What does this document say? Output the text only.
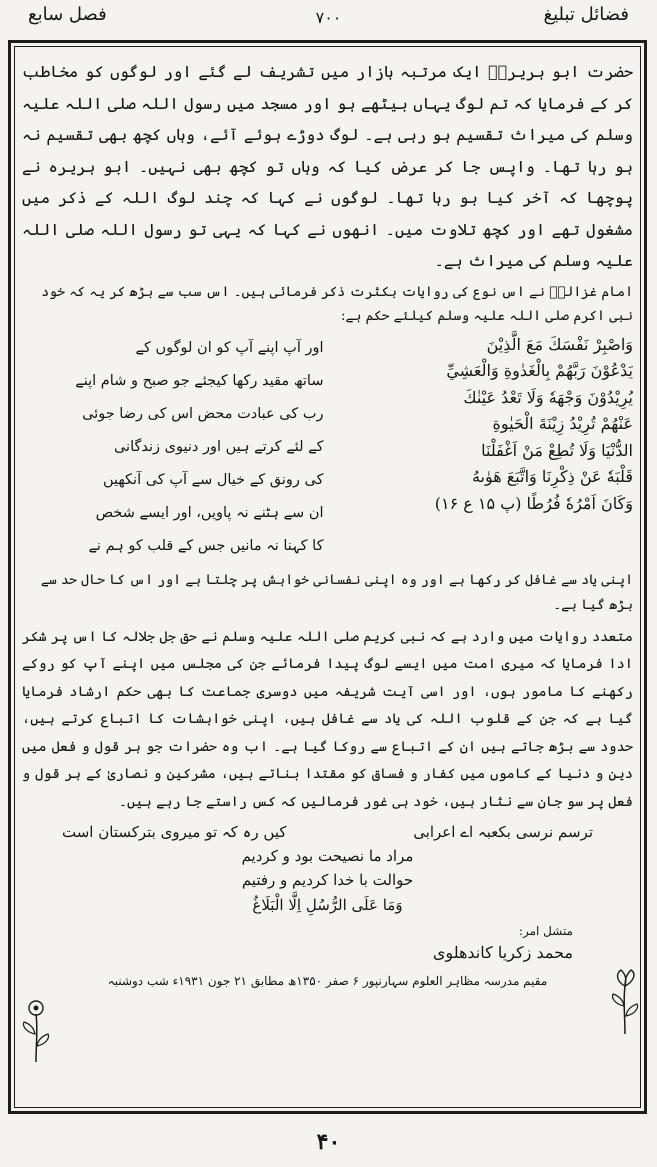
فضائل تبلیغ
۷۰۰
فصل سابع

حضرت ابو ہریرہؓ ایک مرتبہ بازار میں تشریف لے گئے اور لوگوں کو مخاطب کر کے فرمایا کہ تم لوگ یہاں بیٹھے ہو اور مسجد میں رسول اللہ صلی اللہ علیہ وسلم کی میراث تقسیم ہو رہی ہے۔ لوگ دوڑے ہوئے آئے، وہاں کچھ بھی تقسیم نہ ہو رہا تھا۔ واپس جا کر عرض کیا کہ وہاں تو کچھ بھی نہیں۔ ابو ہریرہ نے پوچھا کہ آخر کیا ہو رہا تھا۔ لوگوں نے کہا کہ چند لوگ اللہ کے ذکر میں مشغول تھے اور کچھ تلاوت میں۔ انھوں نے کہا کہ یہی تو رسول اللہ صلی اللہ علیہ وسلم کی میراث ہے۔

امام غزالیؒ نے اس نوع کی روایات بکثرت ذکر فرمائی ہیں۔ اس سب سے بڑھ کر یہ کہ خود نبی اکرم صلی اللہ علیہ وسلم کیلئے حکم ہے:

وَاصْبِرْ نَفْسَكَ مَعَ الَّذِيْنَ
يَدْعُوْنَ رَبَّهُمْ بِالْغَدٰوةِ وَالْعَشِيِّ
يُرِيْدُوْنَ وَجْهَهٗ وَلَا تَعْدُ عَيْنٰكَ
عَنْهُمْ تُرِيْدُ زِيْنَةَ الْحَيٰوةِ
الدُّنْيَا وَلَا تُطِعْ مَنْ اَغْفَلْنَا
قَلْبَهٗ عَنْ ذِكْرِنَا وَاتَّبَعَ هَوٰىهُ
وَكَانَ اَمْرُهٗ فُرُطًا (پ ۱۵ ع ۱۶)
اور آپ اپنے آپ کو ان لوگوں کے
ساتھ مقید رکھا کیجئے جو صبح و شام اپنے
رب کی عبادت محض اس کی رضا جوئی
کے لئے کرتے ہیں اور دنیوی زندگانی
کی رونق کے خیال سے آپ کی آنکھیں
ان سے ہٹنے نہ پاویں، اور ایسے شخص
کا کہنا نہ مانیں جس کے قلب کو ہم نے

اپنی یاد سے غافل کر رکھا ہے اور وہ اپنی نفسانی خواہش پر چلتا ہے اور اس کا حال حد سے بڑھ گیا ہے۔

متعدد روایات میں وارد ہے کہ نبی کریم صلی اللہ علیہ وسلم نے حق جل جلالہ کا اس پر شکر ادا فرمایا کہ میری امت میں ایسے لوگ پیدا فرمائے جن کی مجلس میں اپنے آپ کو روکے رکھنے کا مامور ہوں، اور اسی آیت شریفہ میں دوسری جماعت کا بھی حکم ارشاد فرمایا گیا ہے کہ جن کے قلوب اللہ کی یاد سے غافل ہیں، اپنی خواہشات کا اتباع کرتے ہیں، حدود سے بڑھ جاتے ہیں ان کے اتباع سے روکا گیا ہے۔ اب وہ حضرات جو ہر قول و فعل میں دین و دنیا کے کاموں میں کفار و فساق کو مقتدا بناتے ہیں، مشرکین و نصاریٰ کے ہر قول و فعل پر سو جان سے نثار ہیں، خود ہی غور فرمالیں کہ کس راستے جا رہے ہیں۔

ترسم نرسی بکعبہ اے اعرابی
کیں رہ کہ تو میروی بترکستان است
مراد ما نصیحت بود و کردیم
حوالت با خدا کردیم و رفتیم
وَمَا عَلَى الرُّسُلِ اِلَّا الْبَلَاغُ
متشل امر:
محمد زکریا کاندھلوی
مقیم مدرسہ مظاہر العلوم سہارنپور ۶ صفر ۱۳۵۰ھ مطابق ۲۱ جون ۱۹۳۱ء شب دوشنبہ
۴۰
